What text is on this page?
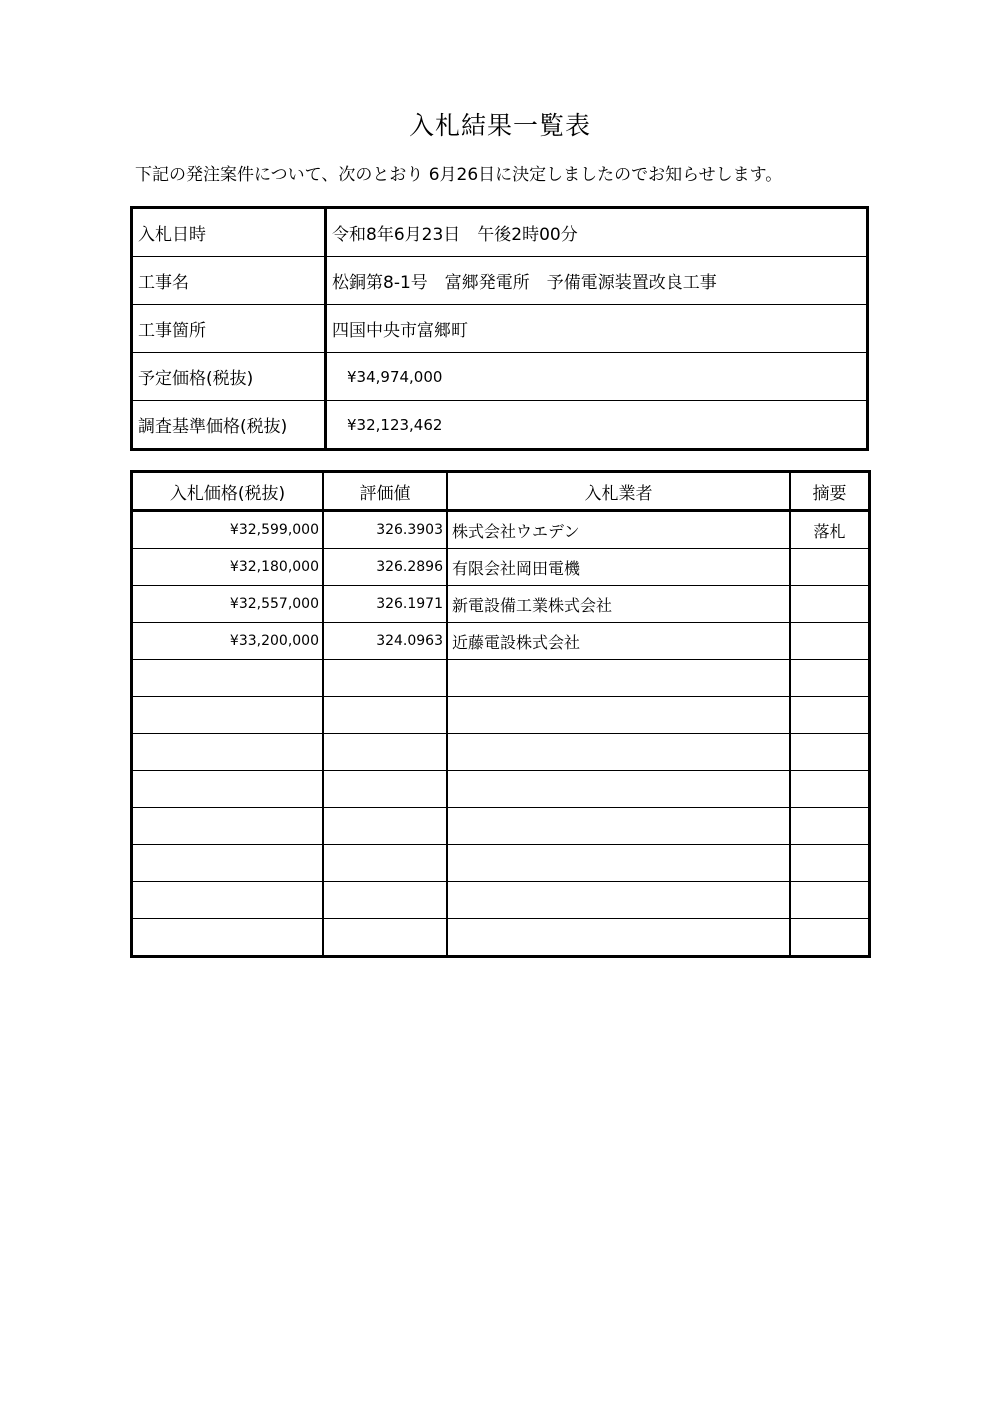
入札結果一覧表
下記の発注案件について、次のとおり 6月26日に決定しましたのでお知らせします。
入札日時	令和8年6月23日　午後2時00分
工事名	松銅第8-1号　富郷発電所　予備電源装置改良工事
工事箇所	四国中央市富郷町
予定価格(税抜)	¥34,974,000
調査基準価格(税抜)	¥32,123,462
入札価格(税抜)	評価値	入札業者	摘要
¥32,599,000	326.3903	株式会社ウエデン	落札
¥32,180,000	326.2896	有限会社岡田電機	
¥32,557,000	326.1971	新電設備工業株式会社	
¥33,200,000	324.0963	近藤電設株式会社	
